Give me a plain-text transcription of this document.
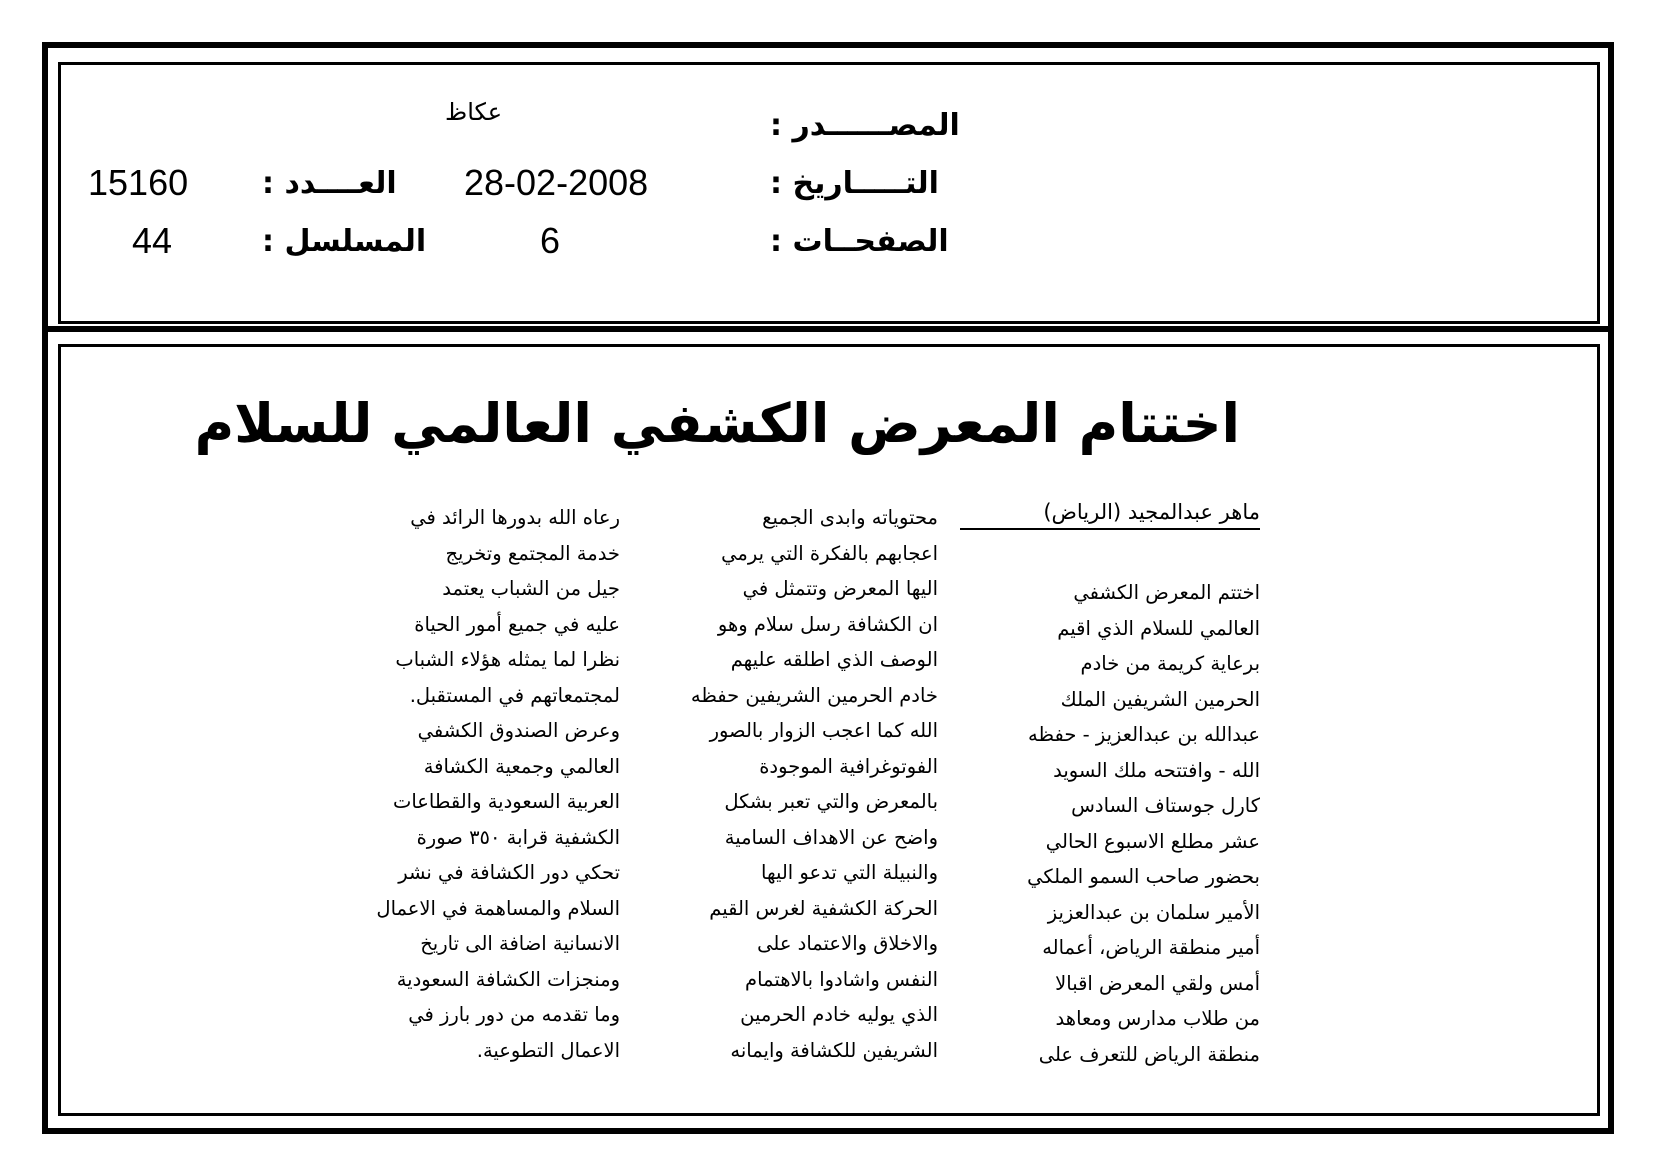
المصــــــدر :
عكاظ
التـــــاريخ :
28-02-2008
الصفحــات :
6
العــــدد :
15160
المسلسل :
44
اختتام المعرض الكشفي العالمي للسلام
ماهر عبدالمجيد (الرياض)
اختتم المعرض الكشفي
العالمي للسلام الذي اقيم
برعاية كريمة من خادم
الحرمين الشريفين الملك
عبدالله بن عبدالعزيز - حفظه
الله - وافتتحه ملك السويد
كارل جوستاف السادس
عشر مطلع الاسبوع الحالي
بحضور صاحب السمو الملكي
الأمير سلمان بن عبدالعزيز
أمير منطقة الرياض، أعماله
أمس ولقي المعرض اقبالا
من طلاب مدارس ومعاهد
منطقة الرياض للتعرف على
محتوياته وابدى الجميع
اعجابهم بالفكرة التي يرمي
اليها المعرض وتتمثل في
ان الكشافة رسل سلام وهو
الوصف الذي اطلقه عليهم
خادم الحرمين الشريفين حفظه
الله كما اعجب الزوار بالصور
الفوتوغرافية الموجودة
بالمعرض والتي تعبر بشكل
واضح عن الاهداف السامية
والنبيلة التي تدعو اليها
الحركة الكشفية لغرس القيم
والاخلاق والاعتماد على
النفس واشادوا بالاهتمام
الذي يوليه خادم الحرمين
الشريفين للكشافة وايمانه
رعاه الله بدورها الرائد في
خدمة المجتمع وتخريج
جيل من الشباب يعتمد
عليه في جميع أمور الحياة
نظرا لما يمثله هؤلاء الشباب
لمجتمعاتهم في المستقبل.
وعرض الصندوق الكشفي
العالمي وجمعية الكشافة
العربية السعودية والقطاعات
الكشفية قرابة ٣٥٠ صورة
تحكي دور الكشافة في نشر
السلام والمساهمة في الاعمال
الانسانية اضافة الى تاريخ
ومنجزات الكشافة السعودية
وما تقدمه من دور بارز في
الاعمال التطوعية.
